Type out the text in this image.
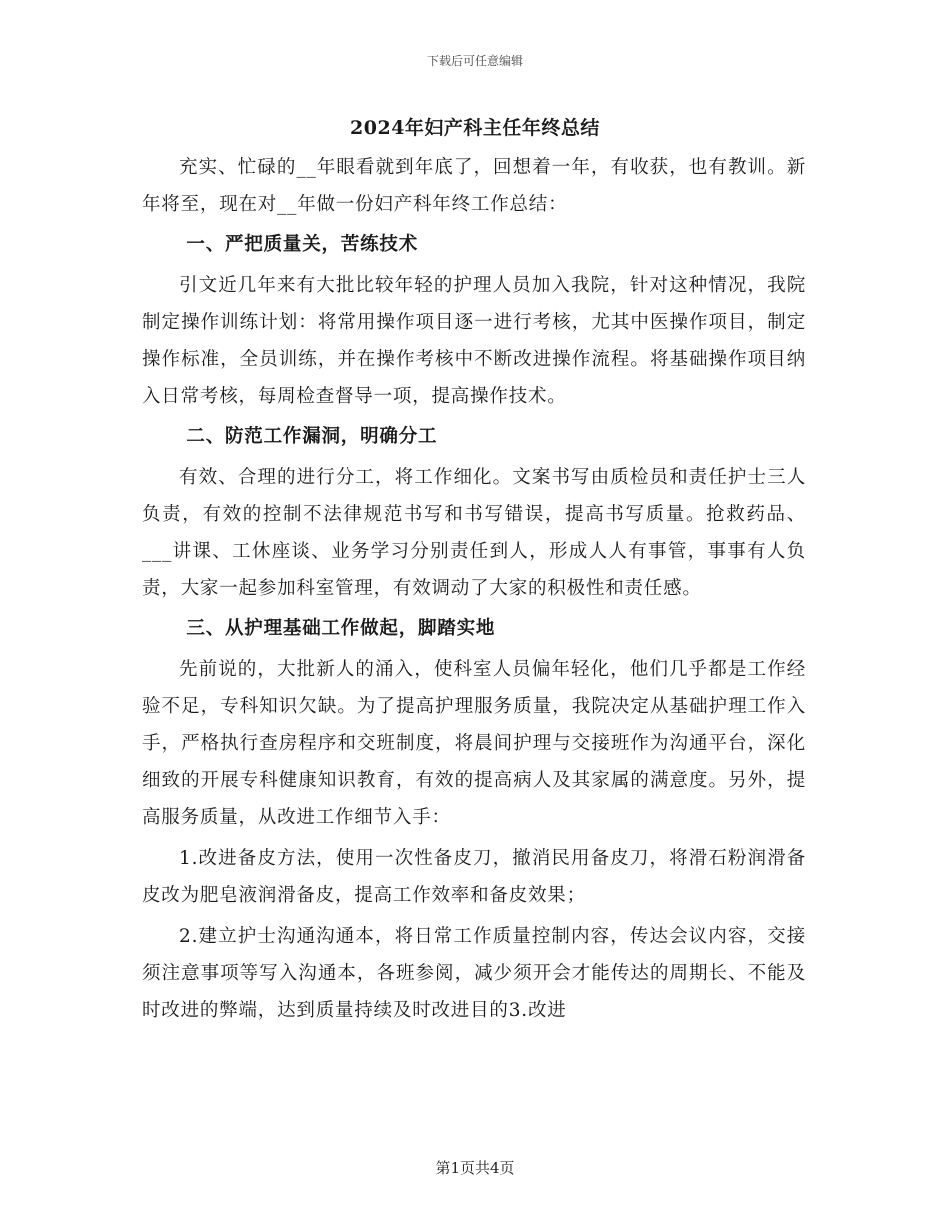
下载后可任意编辑
2024年妇产科主任年终总结

充实、忙碌的__年眼看就到年底了，回想着一年，有收获，也有教训。新年将至，现在对__年做一份妇产科年终工作总结：

一、严把质量关，苦练技术

引文近几年来有大批比较年轻的护理人员加入我院，针对这种情况，我院制定操作训练计划：将常用操作项目逐一进行考核，尤其中医操作项目，制定操作标准，全员训练，并在操作考核中不断改进操作流程。将基础操作项目纳入日常考核，每周检查督导一项，提高操作技术。

二、防范工作漏洞，明确分工

有效、合理的进行分工，将工作细化。文案书写由质检员和责任护士三人负责，有效的控制不法律规范书写和书写错误，提高书写质量。抢救药品、___讲课、工休座谈、业务学习分别责任到人，形成人人有事管，事事有人负责，大家一起参加科室管理，有效调动了大家的积极性和责任感。

三、从护理基础工作做起，脚踏实地

先前说的，大批新人的涌入，使科室人员偏年轻化，他们几乎都是工作经验不足，专科知识欠缺。为了提高护理服务质量，我院决定从基础护理工作入手，严格执行查房程序和交班制度，将晨间护理与交接班作为沟通平台，深化细致的开展专科健康知识教育，有效的提高病人及其家属的满意度。另外，提高服务质量，从改进工作细节入手：

1.改进备皮方法，使用一次性备皮刀，撤消民用备皮刀，将滑石粉润滑备皮改为肥皂液润滑备皮，提高工作效率和备皮效果；

2.建立护士沟通沟通本，将日常工作质量控制内容，传达会议内容，交接须注意事项等写入沟通本，各班参阅，减少须开会才能传达的周期长、不能及时改进的弊端，达到质量持续及时改进目的3.改进

第1页共4页
